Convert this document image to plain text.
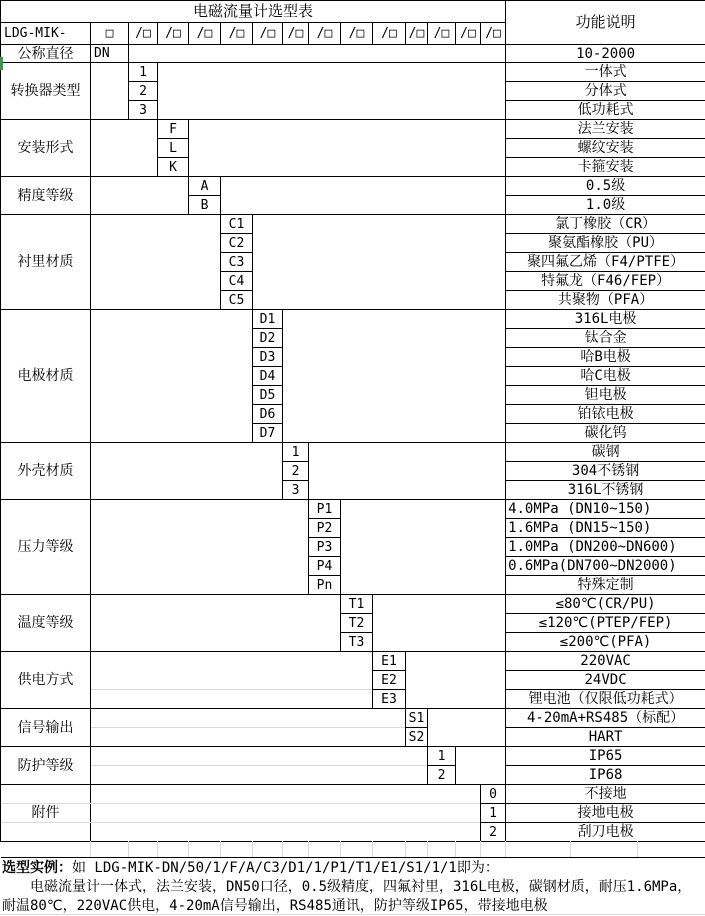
电磁流量计选型表															功能说明
LDG-MIK-	□	/□	/□	/□	/□	/□	/□	/□	/□	/□	/□	/□	/□	/□	
公称直径	DN														10-2000
转换器类型		1													一体式
		2													分体式
		3													低功耗式
安装形式			F												法兰安装
			L												螺纹安装
			K												卡箍安装
精度等级				A											0.5级
				B											1.0级
衬里材质					C1										氯丁橡胶（CR）
					C2										聚氨酯橡胶（PU）
					C3										聚四氟乙烯（F4/PTFE）
					C4										特氟龙（F46/FEP）
					C5										共聚物（PFA）
电极材质						D1									316L电极
						D2									钛合金
						D3									哈B电极
						D4									哈C电极
						D5									钽电极
						D6									铂铱电极
						D7									碳化钨
外壳材质							1								碳钢
							2								304不锈钢
							3								316L不锈钢
压力等级								P1							4.0MPa (DN10~150)
								P2							1.6MPa (DN15~150)
								P3							1.0MPa (DN200~DN600)
								P4							0.6MPa(DN700~DN2000)
								Pn							特殊定制
温度等级									T1						≤80℃(CR/PU)
									T2						≤120℃(PTEP/FEP)
									T3						≤200℃(PFA)
供电方式										E1					220VAC
										E2					24VDC
										E3					锂电池（仅限低功耗式）
信号输出											S1				4-20mA+RS485（标配）
											S2				HART
防护等级												1			IP65
												2			IP68
附件														0	不接地
														1	接地电极
														2	刮刀电极

选型实例：如 LDG-MIK-DN/50/1/F/A/C3/D1/1/P1/T1/E1/S1/1/1即为：
电磁流量计一体式，法兰安装，DN50口径，0.5级精度，四氟衬里，316L电极，碳钢材质，耐压1.6MPa，耐温80℃，220VAC供电，4-20mA信号输出，RS485通讯，防护等级IP65，带接地电极
